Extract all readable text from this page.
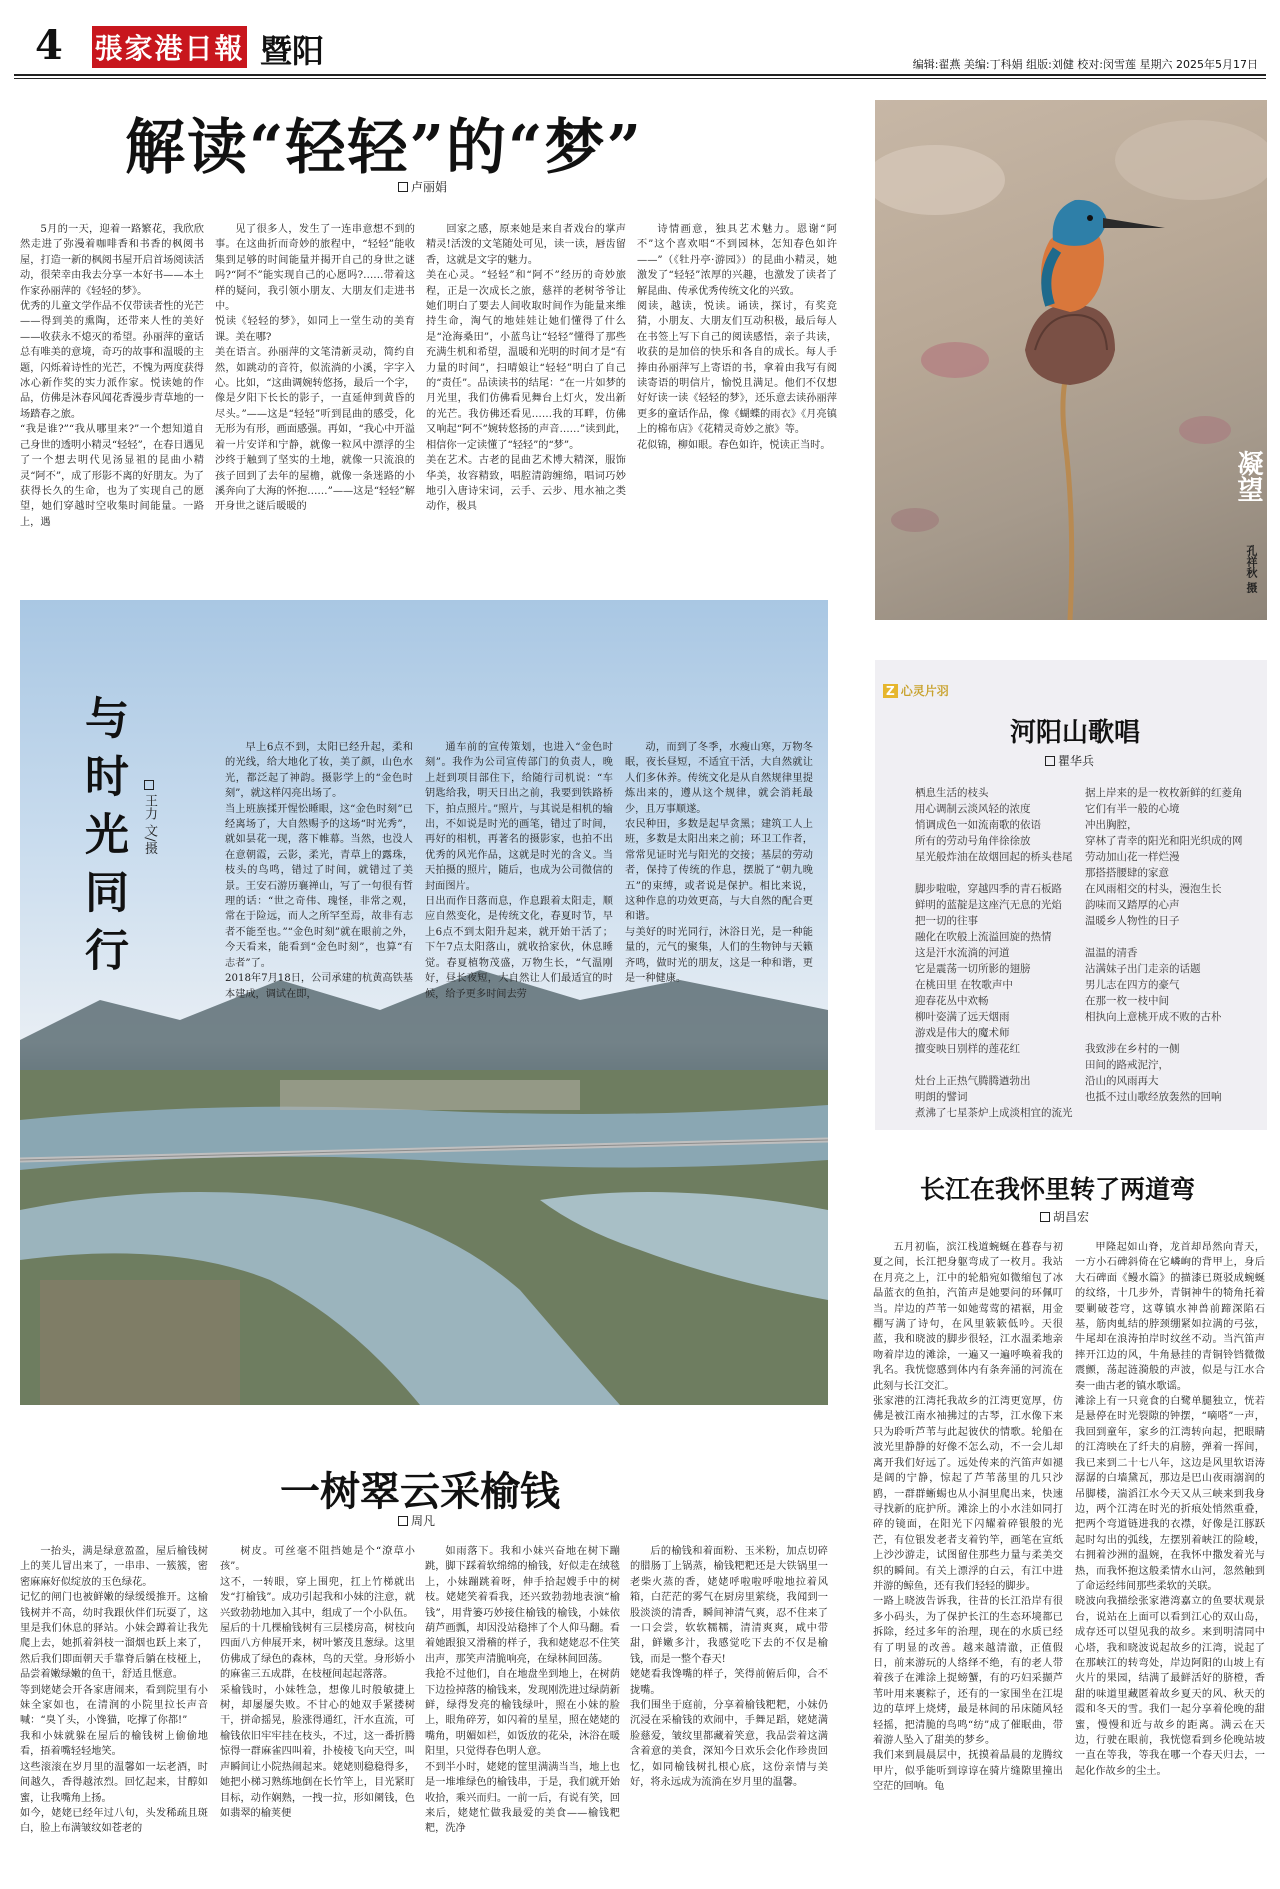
4 張家港日報 暨阳	编辑:翟燕 美编:丁科娟 组版:刘健 校对:闵雪莲 星期六 2025年5月17日
解读“轻轻”的“梦”
卢丽娟

5月的一天，迎着一路繁花，我欣欣然走进了弥漫着咖啡香和书香的枫阅书屋，打造一新的枫阅书屋开启首场阅读活动，很荣幸由我去分享一本好书——本土作家孙丽萍的《轻轻的梦》。
优秀的儿童文学作品不仅带读者性的光芒——得到美的熏陶，还带来人性的美好——收获永不熄灭的希望。孙丽萍的童话总有唯美的意境，奇巧的故事和温暖的主题，闪烁着诗性的光芒，不愧为两度获得冰心新作奖的实力派作家。悦读她的作品，仿佛是沐春风闻花香漫步青草地的一场踏春之旅。
“我是谁?”“我从哪里来?”一个想知道自己身世的透明小精灵“轻轻”，在春日遇见了一个想去明代见汤显祖的昆曲小精灵“阿不”，成了形影不离的好朋友。为了获得长久的生命，也为了实现自己的愿望，她们穿越时空收集时间能量。一路上，遇

见了很多人，发生了一连串意想不到的事。在这曲折而奇妙的旅程中，“轻轻”能收集到足够的时间能量并揭开自己的身世之谜吗?“阿不”能实现自己的心愿吗?……带着这样的疑问，我引领小朋友、大朋友们走进书中。
悦读《轻轻的梦》，如同上一堂生动的美育课。美在哪?
美在语言。孙丽萍的文笔清新灵动，简约自然，如跳动的音符，似流淌的小溪，字字入心。比如，“这曲调婉转悠扬，最后一个字，像是夕阳下长长的影子，一直延伸到黄昏的尽头。”——这是“轻轻”听到昆曲的感受，化无形为有形，画面感强。再如，“我心中开溢着一片安详和宁静，就像一粒风中漂浮的尘沙终于触到了坚实的土地，就像一只流浪的孩子回到了去年的屋檐，就像一条迷路的小溪奔向了大海的怀抱……”——这是“轻轻”解开身世之谜后暖暖的

回家之感，原来她是来自者戏台的掌声精灵!活泼的文笔随处可见，读一读，唇齿留香，这就是文字的魅力。
美在心灵。“轻轻”和“阿不”经历的奇妙旅程，正是一次成长之旅，慈祥的老树爷爷让她们明白了要去人间收取时间作为能量来维持生命，淘气的地娃娃让她们懂得了什么是“沧海桑田”，小蓝鸟让“轻轻”懂得了那些充满生机和希望，温暖和光明的时间才是“有力量的时间”，扫晴娘让“轻轻”明白了自己的“责任”。品读读书的结尾：“在一片如梦的月光里，我们仿佛看见舞台上灯火，发出新的光芒。我仿佛还看见……我的耳畔，仿佛又响起“阿不”婉转悠扬的声音……”读到此，相信你一定读懂了“轻轻”的“梦”。
美在艺术。古老的昆曲艺术博大精深，服饰华美，妆容精致，唱腔清韵缠绵，唱词巧妙地引入唐诗宋词，云手、云步、甩水袖之类动作，极具

诗情画意，独具艺术魅力。恩谢“阿不”这个喜欢唱“不到园林，怎知春色如许——”（《牡丹亭·游园》）的昆曲小精灵，她激发了“轻轻”浓厚的兴趣，也激发了读者了解昆曲、传承优秀传统文化的兴致。
阅读，越读，悦读。诵读，探讨，有奖竞猜，小朋友、大朋友们互动积极，最后每人在书签上写下自己的阅读感悟，亲子共读，收获的是加倍的快乐和各自的成长。每人手捧由孙丽萍写上寄语的书，拿着由我写有阅读寄语的明信片，愉悦且满足。他们不仅想好好读一读《轻轻的梦》，还乐意去读孙丽萍更多的童话作品，像《蝴蝶的雨衣》《月亮镇上的棉布店》《花精灵奇妙之旅》等。
花似锦，柳如眼。春色如许，悦读正当时。

凝望
孔祥秋 摄
与时光同行	王力 文/摄

早上6点不到，太阳已经升起，柔和的光线，给大地化了妆，美了颜，山色水光，都泛起了神韵。摄影学上的“金色时刻”，就这样闪亮出场了。
当上班族揉开惺忪睡眼，这“金色时刻”已经离场了，大自然赐予的这场“时光秀”，就如昙花一现，落下帷幕。当然，也没人在意朝霞，云影，柔光，青草上的露珠，枝头的鸟鸣，错过了时间，就错过了美景。王安石游历襄禅山，写了一句很有哲理的话：“世之奇伟、瑰怪，非常之观，常在于险远，而人之所罕至焉，故非有志者不能至也。”“金色时刻”就在眼前之外，今天看来，能看到“金色时刻”，也算“有志者”了。
2018年7月18日，公司承建的杭黄高铁基本建成，调试在即，

通车前的宣传策划，也进入“金色时刻”。我作为公司宣传部门的负责人，晚上赶到项目部住下，给随行司机说：“车钥匙给我，明天日出之前，我要到铁路桥下，拍点照片。”照片，与其说是相机的输出，不如说是时光的画笔，错过了时间，再好的相机，再著名的摄影家，也拍不出优秀的风光作品，这就是时光的含义。当天拍摄的照片，随后，也成为公司微信的封面图片。
日出而作日落而息，作息跟着太阳走，顺应自然变化，是传统文化，春夏时节，早上6点不到太阳升起来，就开始干活了；下午7点太阳落山，就收拾家伙，休息睡觉。春夏植物茂盛，万物生长，“气温刚好，昼长夜短，大自然让人们最适宜的时候，给予更多时间去劳

动，而到了冬季，水瘦山寒，万物冬眠，夜长昼短，不适宜干活，大自然就让人们多休养。传统文化是从自然规律里提炼出来的，遵从这个规律，就会消耗最少，且万事顺遂。
农民种田，多数是起早贪黑；建筑工人上班，多数是太阳出来之前；环卫工作者，常常见证时光与阳光的交接；基层的劳动者，保持了传统的作息，摆脱了“朝九晚五”的束缚，或者说是保护。相比来说，这种作息的功效更高，与大自然的配合更和谐。
与美好的时光同行，沐浴日光，是一种能量的，元气的聚集，人们的生物钟与天籁齐鸣，做时光的朋友，这是一种和谐，更是一种健康。

Z 心灵片羽
河阳山歌唱
瞿华兵
栖息生活的枝头
用心调制云淡风轻的浓度
悄调成色一如流南歌的依语
所有的劳动号角伴徐徐放
星光般炸油在故烟回起的桥头巷尾

脚步啦啦，穿越四季的青石板路
鲜明的蓝靛是这座汽无息的光焰
把一切的往事
融化在吹般上流溢回旋的热情
这是汗水流淌的河道
它是震荡一切所影的翅膀
在桃田里 在牧歌声中
迎春花丛中欢畅
柳叶姿满了远天烟雨
游戏是伟大的魔术师
擅变映日别样的莲花红

灶台上正热气腾腾遒勃出
明朗的譬词
煮沸了七星茶炉上成淡相宜的流光
据上岸来的是一枚枚新鲜的红菱角
它们有半一般的心境
冲出胸腔，
穿林了青幸的阳光和阳光织成的网
劳动加山花一样烂漫
那搭搭腰肆的家意
在风雨相交的村头，漫泡生长
韵味而又踏厚的心声
温暖乡人物性的日子

温温的清香
沾满妹子出门走亲的话题
男儿志在四方的豪气
在那一枚一枝中间
相执向上意桃开成不败的古朴

我致涉在乡村的一侧
田间的路戒泥泞，
沿山的风雨再大
也抵不过山歌经放轰然的回响
长江在我怀里转了两道弯
胡昌宏

五月初临，滨江栈道蜿蜒在暮春与初夏之间，长江把身躯弯成了一枚月。我站在月亮之上，江中的轮船宛如微缩包了冰晶蓝衣的鱼拍，汽笛声是她要问的环佩叮当。岸边的芦苇一如她莺莺的裙裾，用金棚写满了诗句，在风里簌簌低吟。天很蓝，我和晓波的脚步很轻，江水温柔地亲吻着岸边的滩涂，一遍又一遍呼唤着我的乳名。我恍惚感到体内有条奔涌的河流在此刻与长江交汇。
张家港的江湾托我故乡的江湾更宽厚，仿佛是被江南水袖拂过的古琴，江水像下来只为聆听芦苇与此起彼伏的情歌。轮船在波光里静静的好像不怎么动，不一会儿却离开我们好远了。远处传来的汽笛声如褪是阔的宁静，惊起了芦苇荡里的几只沙鸥，一群群蜥蜴也从小洞里爬出来，快速寻找新的庇护所。滩涂上的小水洼如同打碎的镜面，在阳光下闪耀着碎银般的光芒，有位银发老者支着钓竿，画笔在宣纸上沙沙游走，试图留住那些力量与柔美交织的瞬间。有关上漂浮的白云，有江中进并游的鲸鱼，还有我们轻轻的脚步。
一路上晓波告诉我，往昔的长江沿岸有很多小码头，为了保护长江的生态环境都已拆除，经过多年的治理，现在的水质已经有了明显的改善。越来越清澈，正值假日，前来游玩的人络绎不绝，有的老人带着孩子在滩涂上捉螃蟹，有的巧妇采撷芦苇叶用来裹粽子，还有的一家围坐在江堤边的草坪上烧烤，最是林间的吊床随风轻轻摇，把清脆的鸟鸣“纺”成了催眠曲，带着游人坠入了甜美的梦乡。
我们来到晨晨层中，抚摸着晶晨的龙腾纹甲片，似乎能听到谆谆在骑片缝隙里撞出空茫的回响。龟

甲隆起如山脊，龙首却昂然向青天，一方小石碑斜倚在它嶙峋的背甲上，身后大石碑面《鳗水篇》的描漆已斑驳成蜿蜒的纹络，十几步外，青铜神牛的犄角托着要剿破苍穹，这尊镇水神兽前蹄深陷石基，筋肉虬结的脖颈绷紧如拉满的弓弦，牛尾却在浪涛拍岸时纹丝不动。当汽笛声摔开江边的风，牛角悬挂的青铜铃铛微微震颤，荡起涟漪般的声波，似是与江水合奏一曲古老的镇水歌谣。
滩涂上有一只竟食的白鹭单腿独立，恍若是悬停在时光裂隙的钟摆，“嘀嗒”一声，我回到童年，家乡的江湾转向起，把眼睛的江湾映在了纤夫的肩膀，弹着一挥间，我已来到二十七八年，这边是风里软语涛潺潺的白墙黛瓦，那边是巴山夜雨溺润的吊脚楼，湍滔江水今天又从三峡来到我身边，两个江湾在时光的折痕处悄然重叠，把两个弯道链进我的衣襟，好像是江豚跃起时勾出的弧线，左摆别着峡江的险峻，右拥着沙洲的温婉，在我怀中撒发着光与热，而我怀抱这般柔情水山河，忽然触到了命运经纬间那些柔软的关联。
晓波向我描绘张家港湾嘉立的鱼要状观景台，说站在上面可以看到江心的双山岛，成存还可以望见我的故乡。来到明清同中心塔，我和晓波说起故乡的江湾，说起了在那峡江的转弯处，岸边阿阳的山坡上有火片的果园，结满了最鲜活好的脐橙，香甜的味道里藏匿着故乡夏天的风、秋天的霞和冬天的雪。我们一起分享着伦晚的甜蜜，慢慢和近与故乡的距离。满云在天边，行驶在眼前，我恍惚看到乡伦晚站坡一直在等我，等我在哪一个春天归去，一起化作故乡的尘土。

一树翠云采榆钱
周凡

一抬头，满是绿意盈盈，屋后榆钱树上的荚儿冒出来了，一串串、一簇簇，密密麻麻好似绽放的玉色绿花。
记忆的闸门也被鲜嫩的绿缓缓推开。这榆钱树并不高，幼时我跟伙伴们玩耍了，这里是我们休息的驿站。小妹会蹲着让我先爬上去，她抓着斜枝一溜烟也跃上来了，然后我们即面朝天手靠脊后躺在枝桠上，品尝着嫩绿嫩的鱼干，舒适且惬意。
等到姥姥会开各家唐闹来，看到院里有小妹全家如也，在清润的小院里拉长声音喊：“臭丫头，小馋猫，吃撑了你都!”
我和小妹就躲在屋后的榆钱树上偷偷地看，捂着嘴轻轻地笑。
这些滚滚在岁月里的温馨如一坛老酒，时间越久，香得越浓烈。回忆起来，甘醇如蜜，让我嘴角上扬。
如今，姥姥已经年过八旬，头发稀疏且斑白，脸上布满皱纹如苍老的

树皮。可丝毫不阻挡她是个“潦草小孩”。
这不，一转眼，穿上围兜，扛上竹梯就出发“打榆钱”。成功引起我和小妹的注意，就兴致勃勃地加入其中，组成了一个小队伍。
屋后的十几棵榆钱树有三层楼房高，树枝向四面八方伸展开来，树叶繁茂且葱绿。这里仿佛成了绿色的森林，鸟的天堂。身形娇小的麻雀三五成群，在枝桠间起起落落。
采榆钱时，小妹牲急，想像儿时般敏捷上树，却屡屡失败。不甘心的她双手紧搂树干，拼命摇晃，脸涨得通红，汗水直流，可榆钱依旧牢牢挂在枝头，不过，这一番折腾惊得一群麻雀四叫着，扑棱棱飞向天空，叫声瞬间让小院热闹起来。姥姥则稳稳得多，她把小梯习熟练地倒在长竹竿上，目光紧盯目标，动作娴熟，一拽一拉，形如阑钱，色如翡翠的榆荚便

如雨落下。我和小妹兴奋地在树下蹦跳，脚下踩着软绵绵的榆钱，好似走在绒毯上，小妹蹦跳着呀，伸手拾起嫂手中的树枝。姥姥笑着看我，还兴致勃勃地表演“榆钱”，用背篓巧妙接住榆钱的榆钱，小妹依葫芦画瓢，却因没站稳摔了个人仰马翻。看着她跟狼又滑稽的样子，我和姥姥忍不住笑出声，那笑声清脆响亮，在绿林间回荡。
我抢不过他们，自在地盘坐到地上，在树荫下边捡掉落的榆钱来，发现刚洗进过绿荫新鲜，绿得发亮的榆钱绿叶，照在小妹的脸上，眼角碎芳，如闪着的星星，照在姥姥的嘴角，明媚如栏，如饭放的花朵，沐浴在暖阳里，只觉得春色明人意。
不到半小时，姥姥的筐里满满当当，地上也是一堆堆绿色的榆钱串，于是，我们就开始收拾，乘兴而归。一前一后，有说有笑，回来后，姥姥忙做我最爱的美食——榆钱粑粑，洗净

后的榆钱和着面粉、玉米粉，加点切碎的腊肠丁上锅蒸，榆钱粑粑还是大铁锅里一老柴火蒸的香，姥姥呼啦啦呼啦地拉着风箱，白茫茫的雾气在厨房里萦绕，我闻到一股淡淡的清香，瞬间神清气爽，忍不住来了一口会尝，软软糯糯，清清爽爽，咸中带甜，鲜嫩多汁，我感觉吃下去的不仅是榆钱，而是一整个春天!
姥姥看我馋嘴的样子，笑得前俯后仰，合不拢嘴。
我们围坐于庭前，分享着榆钱粑粑，小妹仍沉浸在采榆钱的欢闹中，手舞足蹈，姥姥满脸慈爱，皱纹里都藏着笑意，我品尝着这满含着意的美食，深知今日欢乐会化作珍贵回忆，如同榆钱树扎根心底，这份亲情与美好，将永远成为流淌在岁月里的温馨。
